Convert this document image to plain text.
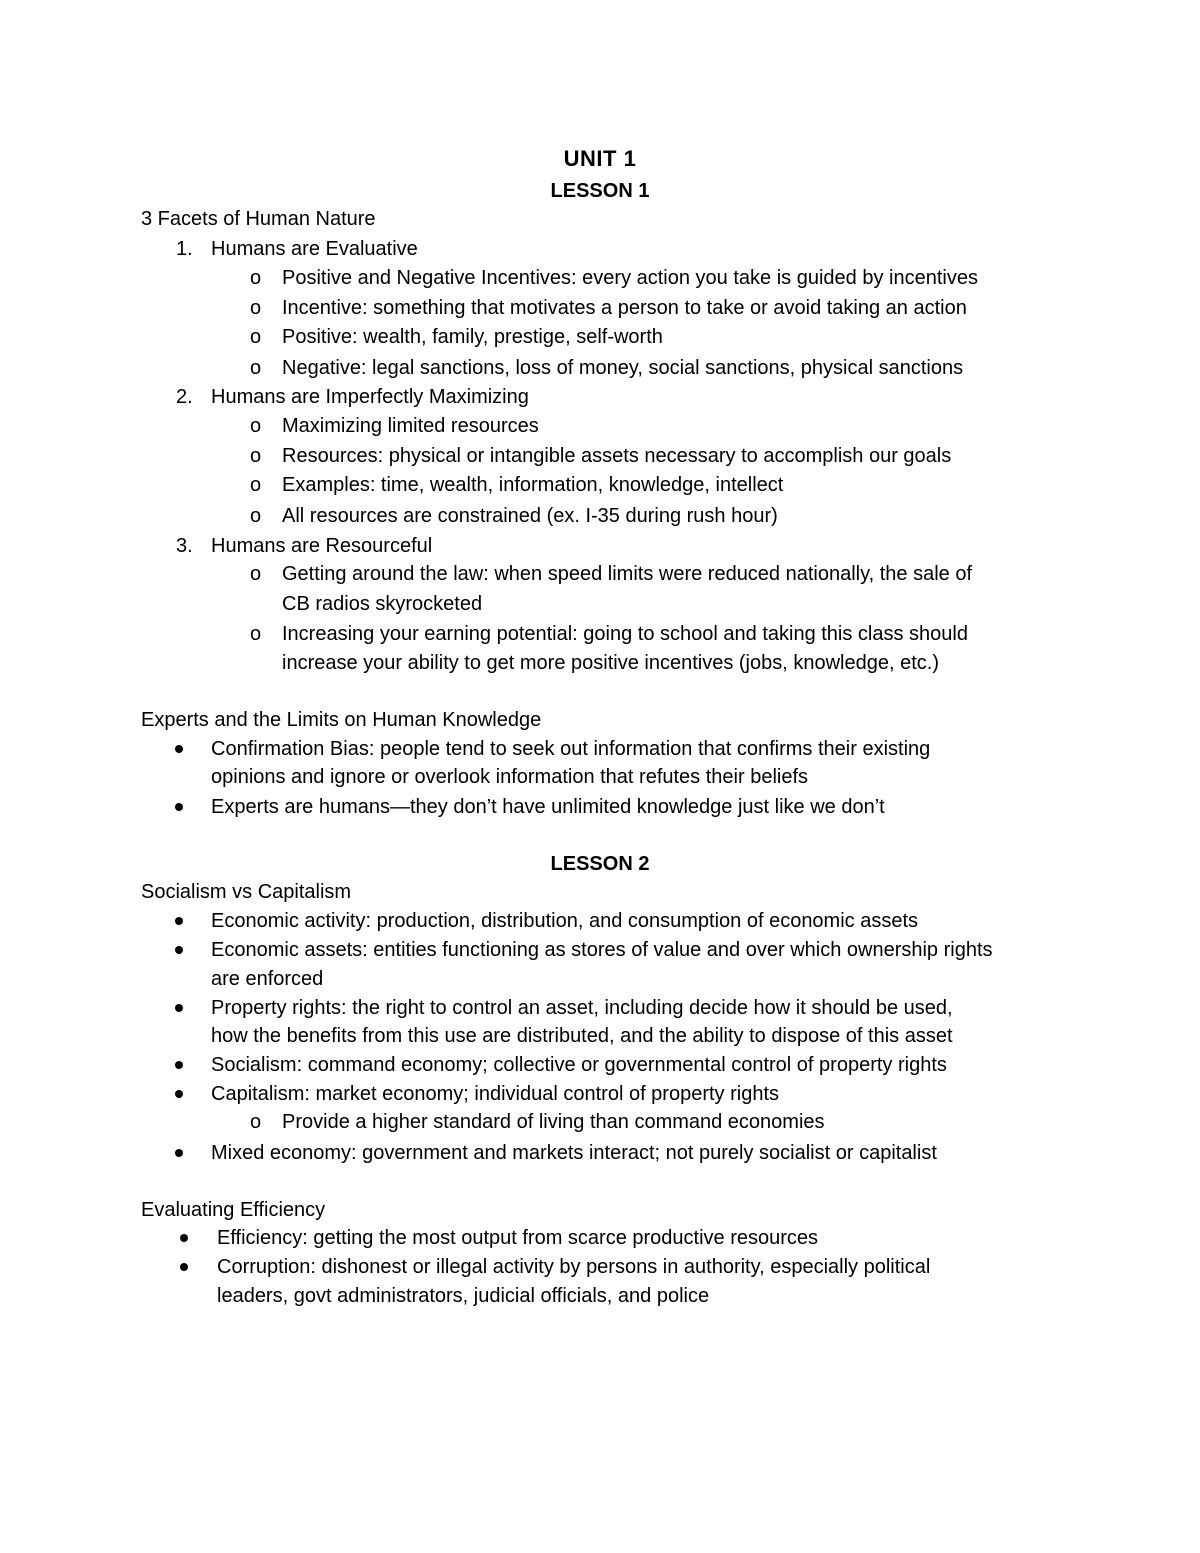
UNIT 1
LESSON 1
3 Facets of Human Nature
1. Humans are Evaluative
o Positive and Negative Incentives: every action you take is guided by incentives
o Incentive: something that motivates a person to take or avoid taking an action
o Positive: wealth, family, prestige, self-worth
o Negative: legal sanctions, loss of money, social sanctions, physical sanctions
2. Humans are Imperfectly Maximizing
o Maximizing limited resources
o Resources: physical or intangible assets necessary to accomplish our goals
o Examples: time, wealth, information, knowledge, intellect
o All resources are constrained (ex. I-35 during rush hour)
3. Humans are Resourceful
o Getting around the law: when speed limits were reduced nationally, the sale of
CB radios skyrocketed
o Increasing your earning potential: going to school and taking this class should
increase your ability to get more positive incentives (jobs, knowledge, etc.)
Experts and the Limits on Human Knowledge
Confirmation Bias: people tend to seek out information that confirms their existing
opinions and ignore or overlook information that refutes their beliefs
Experts are humans—they don’t have unlimited knowledge just like we don’t
LESSON 2
Socialism vs Capitalism
Economic activity: production, distribution, and consumption of economic assets
Economic assets: entities functioning as stores of value and over which ownership rights
are enforced
Property rights: the right to control an asset, including decide how it should be used,
how the benefits from this use are distributed, and the ability to dispose of this asset
Socialism: command economy; collective or governmental control of property rights
Capitalism: market economy; individual control of property rights
o Provide a higher standard of living than command economies
Mixed economy: government and markets interact; not purely socialist or capitalist
Evaluating Efficiency
Efficiency: getting the most output from scarce productive resources
Corruption: dishonest or illegal activity by persons in authority, especially political
leaders, govt administrators, judicial officials, and police
